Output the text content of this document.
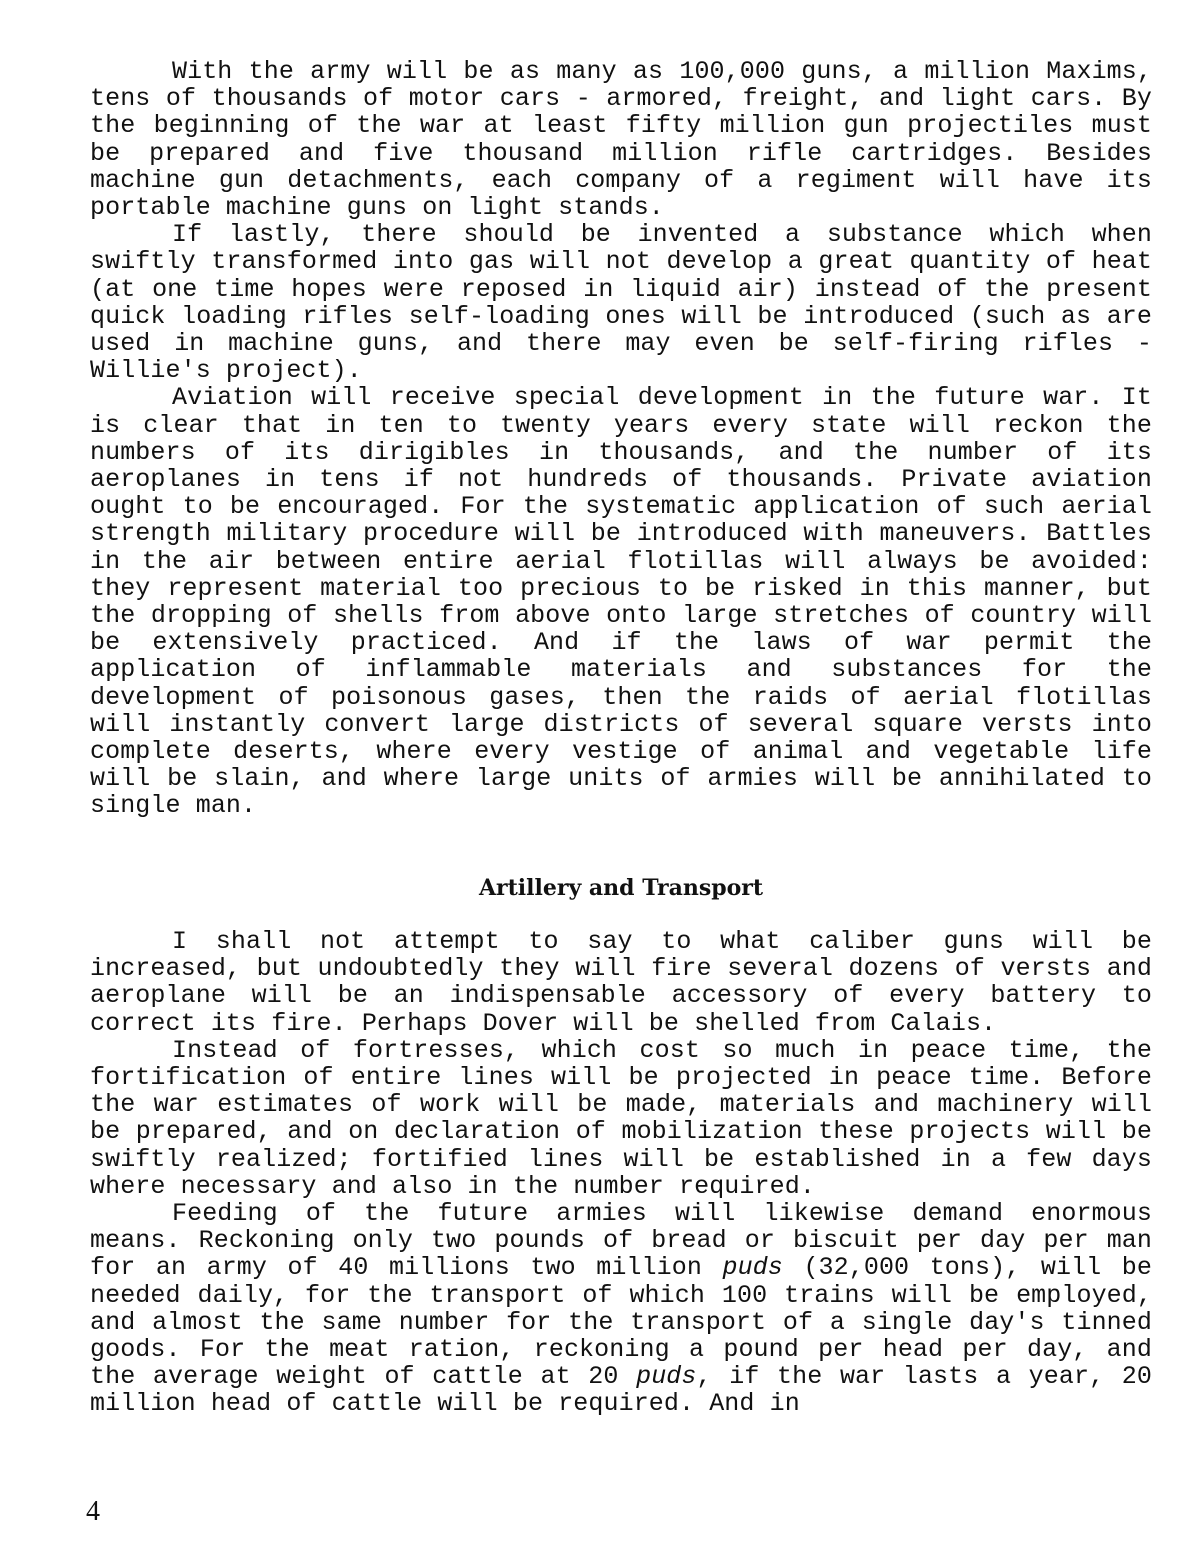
With the army will be as many as 100,000 guns, a million Maxims, tens of thousands of motor cars - armored, freight, and light cars. By the beginning of the war at least fifty million gun projectiles must be prepared and five thousand million rifle cartridges. Besides machine gun detachments, each company of a regiment will have its portable machine guns on light stands.

If lastly, there should be invented a substance which when swiftly transformed into gas will not develop a great quantity of heat (at one time hopes were reposed in liquid air) instead of the present quick loading rifles self-loading ones will be introduced (such as are used in machine guns, and there may even be self-firing rifles - Willie's project).

Aviation will receive special development in the future war. It is clear that in ten to twenty years every state will reckon the numbers of its dirigibles in thousands, and the number of its aeroplanes in tens if not hundreds of thousands. Private aviation ought to be encouraged. For the systematic application of such aerial strength military procedure will be introduced with maneuvers. Battles in the air between entire aerial flotillas will always be avoided: they represent material too precious to be risked in this manner, but the dropping of shells from above onto large stretches of country will be extensively practiced. And if the laws of war permit the application of inflammable materials and substances for the development of poisonous gases, then the raids of aerial flotillas will instantly convert large districts of several square versts into complete deserts, where every vestige of animal and vegetable life will be slain, and where large units of armies will be annihilated to single man.

Artillery and Transport

I shall not attempt to say to what caliber guns will be increased, but undoubtedly they will fire several dozens of versts and aeroplane will be an indispensable accessory of every battery to correct its fire. Perhaps Dover will be shelled from Calais.

Instead of fortresses, which cost so much in peace time, the fortification of entire lines will be projected in peace time. Before the war estimates of work will be made, materials and machinery will be prepared, and on declaration of mobilization these projects will be swiftly realized; fortified lines will be established in a few days where necessary and also in the number required.

Feeding of the future armies will likewise demand enormous means. Reckoning only two pounds of bread or biscuit per day per man for an army of 40 millions two million puds (32,000 tons), will be needed daily, for the transport of which 100 trains will be employed, and almost the same number for the transport of a single day's tinned goods. For the meat ration, reckoning a pound per head per day, and the average weight of cattle at 20 puds, if the war lasts a year, 20 million head of cattle will be required. And in

4
